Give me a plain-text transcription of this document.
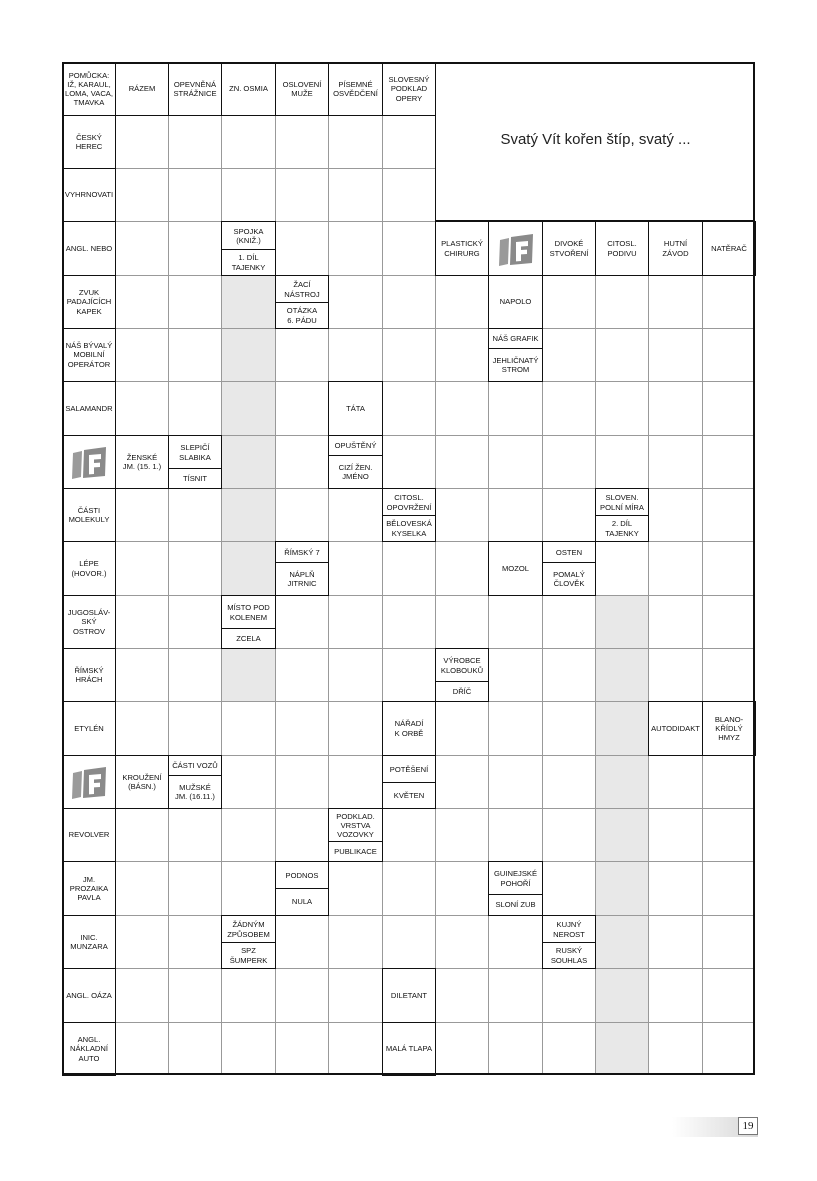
POMŮCKA:
IŽ, KARAUL,
LOMA, VACA,
TMAVKA
RÁZEM
OPEVNĚNÁ
STRÁŽNICE
ZN. OSMIA
OSLOVENÍ
MUŽE
PÍSEMNÉ
OSVĚDČENÍ
SLOVESNÝ
PODKLAD
OPERY
ČESKÝ
HEREC
VYHRNOVATI
ANGL. NEBO
SPOJKA
(KNIŽ.)
1. DÍL
TAJENKY
PLASTICKÝ
CHIRURG
DIVOKÉ
STVOŘENÍ
CITOSL.
PODIVU
HUTNÍ
ZÁVOD
NATĚRAČ
ZVUK
PADAJÍCÍCH
KAPEK
ŽACÍ
NÁSTROJ
OTÁZKA
6. PÁDU
NAPOLO
NÁŠ BÝVALÝ
MOBILNÍ
OPERÁTOR
NÁŠ GRAFIK
JEHLIČNATÝ
STROM
SALAMANDR	TÁTA
ŽENSKÉ
JM. (15. 1.)
SLEPIČÍ
SLABIKA
TÍSNIT
OPUŠTĚNÝ
CIZÍ ŽEN.
JMÉNO
ČÁSTI
MOLEKULY
CITOSL.
OPOVRŽENÍ
BĚLOVESKÁ
KYSELKA
SLOVEN.
POLNÍ MÍRA
2. DÍL
TAJENKY
LÉPE
(HOVOR.)
ŘÍMSKÝ 7
NÁPLŇ
JITRNIC
MOZOL
OSTEN
POMALÝ
ČLOVĚK
JUGOSLÁV-
SKÝ
OSTROV
MÍSTO POD
KOLENEM
ZCELA
ŘÍMSKÝ
HRÁCH
VÝROBCE
KLOBOUKŮ
DŘÍČ
ETYLÉN
NÁŘADÍ
K ORBĚ
AUTODIDAKT
BLANO-
KŘÍDLÝ
HMYZ
KROUŽENÍ
(BÁSN.)
ČÁSTI VOZŮ
MUŽSKÉ
JM. (16.11.)
POTĚŠENÍ
KVĚTEN
REVOLVER
PODKLAD.
VRSTVA
VOZOVKY
PUBLIKACE
JM.
PROZAIKA
PAVLA
PODNOS
NULA
GUINEJSKÉ
POHOŘÍ
SLONÍ ZUB
INIC.
MUNZARA
ŽÁDNÝM
ZPŮSOBEM
SPZ
ŠUMPERK
KUJNÝ
NEROST
RUSKÝ
SOUHLAS
ANGL. OÁZA	DILETANT
ANGL.
NÁKLADNÍ
AUTO
MALÁ TLAPA
Svatý Vít kořen štíp, svatý ...
19
